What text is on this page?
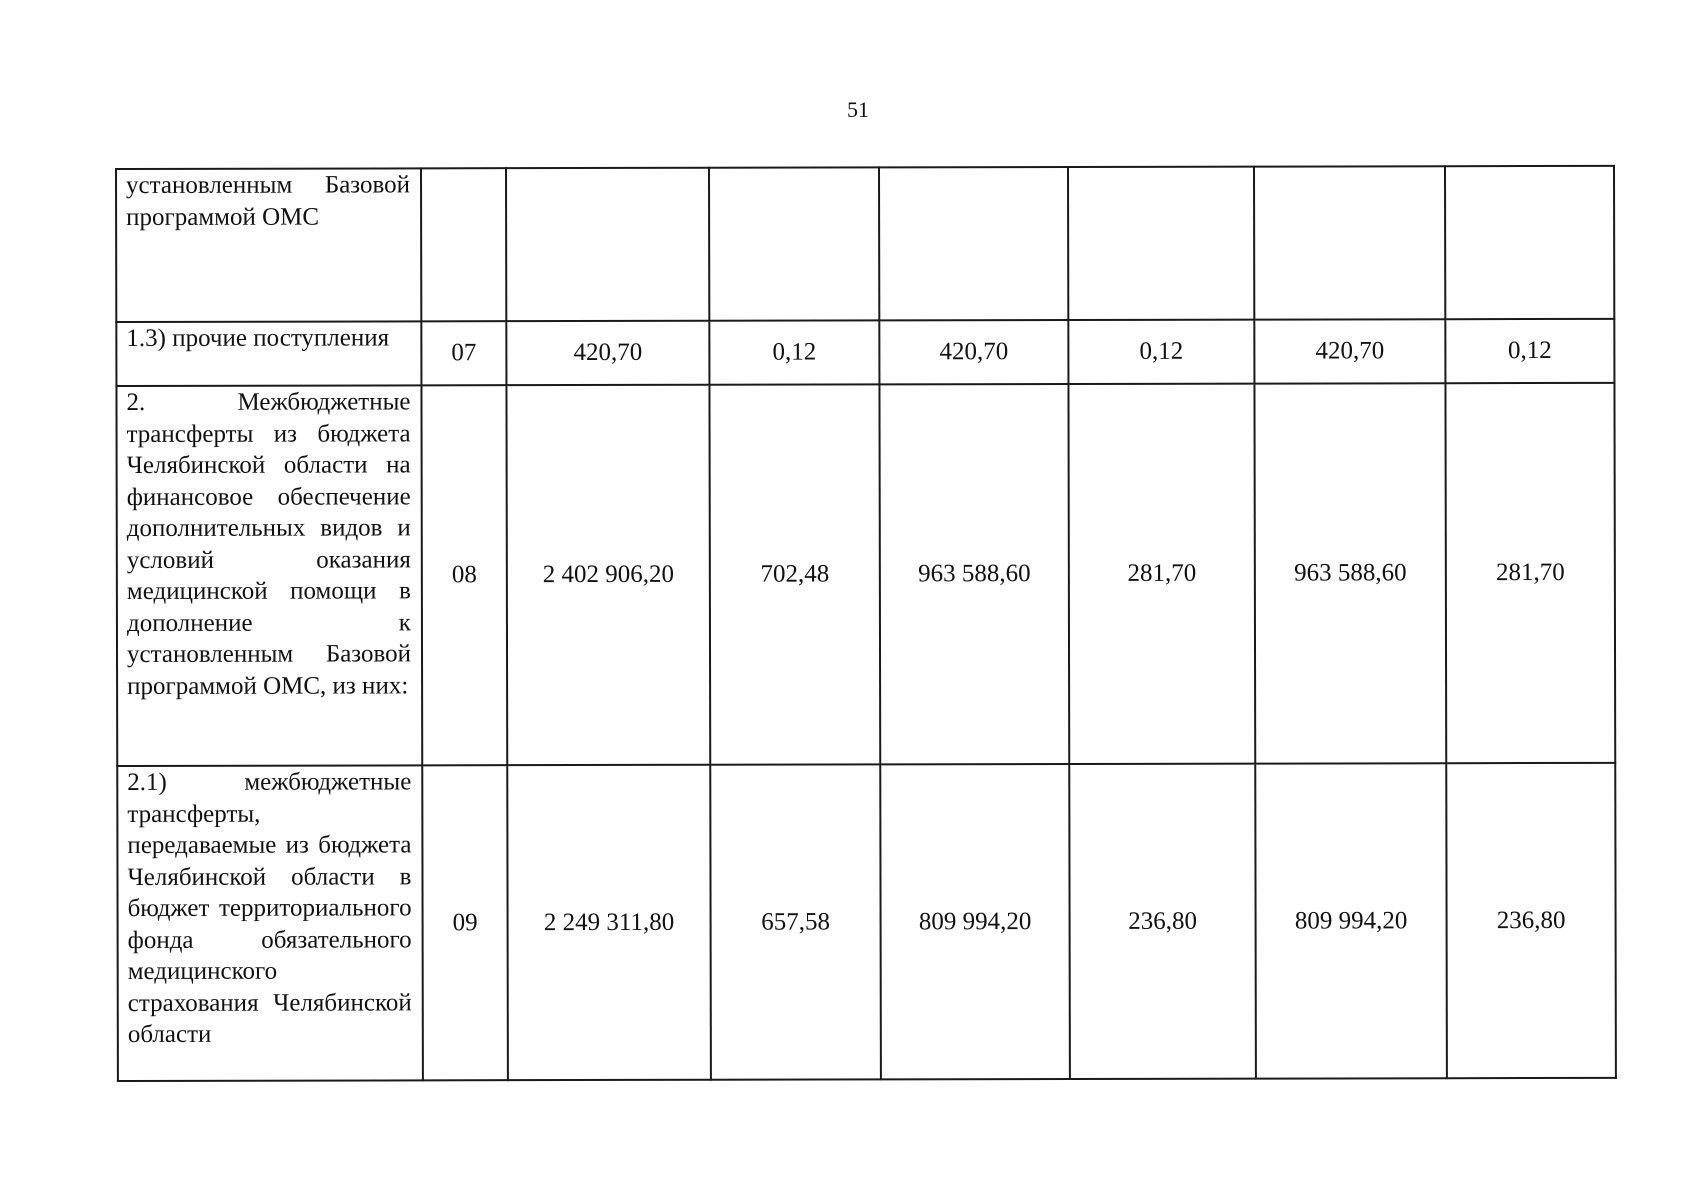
51
установленным Базовой программой ОМС							
1.3) прочие поступления	07	420,70	0,12	420,70	0,12	420,70	0,12
2. Межбюджетные трансферты из бюджета Челябинской области на финансовое обеспечение дополнительных видов и условий оказания медицинской помощи в дополнение к установленным Базовой программой ОМС, из них:	08	2 402 906,20	702,48	963 588,60	281,70	963 588,60	281,70
2.1) межбюджетные трансферты, передаваемые из бюджета Челябинской области в бюджет территориального фонда обязательного медицинского страхования Челябинской области	09	2 249 311,80	657,58	809 994,20	236,80	809 994,20	236,80
